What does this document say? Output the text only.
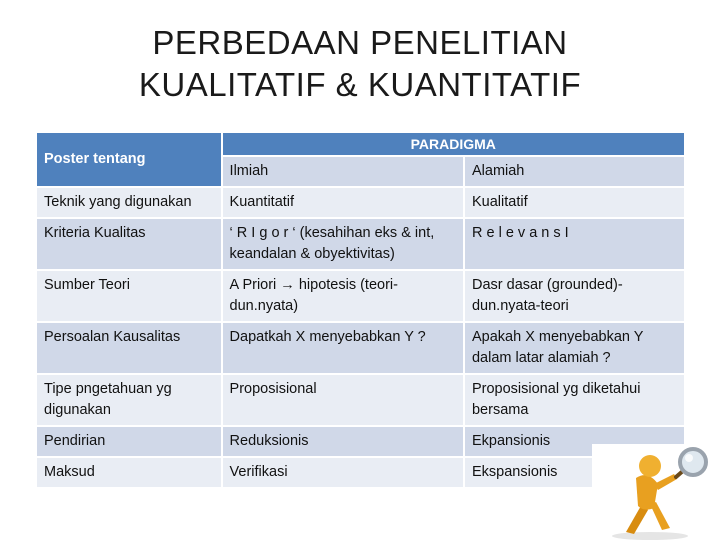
PERBEDAAN PENELITIAN
KUALITATIF & KUANTITATIF
Poster tentang	PARADIGMA	
	Ilmiah	Alamiah
Teknik yang digunakan	Kuantitatif	Kualitatif
Kriteria Kualitas	‘ R I g o r ‘ (kesahihan eks & int, keandalan & obyektivitas)	R e l e v a n s I
Sumber Teori	A Priori → hipotesis (teori-dun.nyata)	Dasr dasar (grounded)-dun.nyata-teori
Persoalan Kausalitas	Dapatkah X menyebabkan Y ?	Apakah X menyebabkan Y dalam latar alamiah ?
Tipe pngetahuan yg digunakan	Proposisional	Proposisional yg diketahui bersama
Pendirian	Reduksionis	Ekpansionis
Maksud	Verifikasi	Ekspansionis
